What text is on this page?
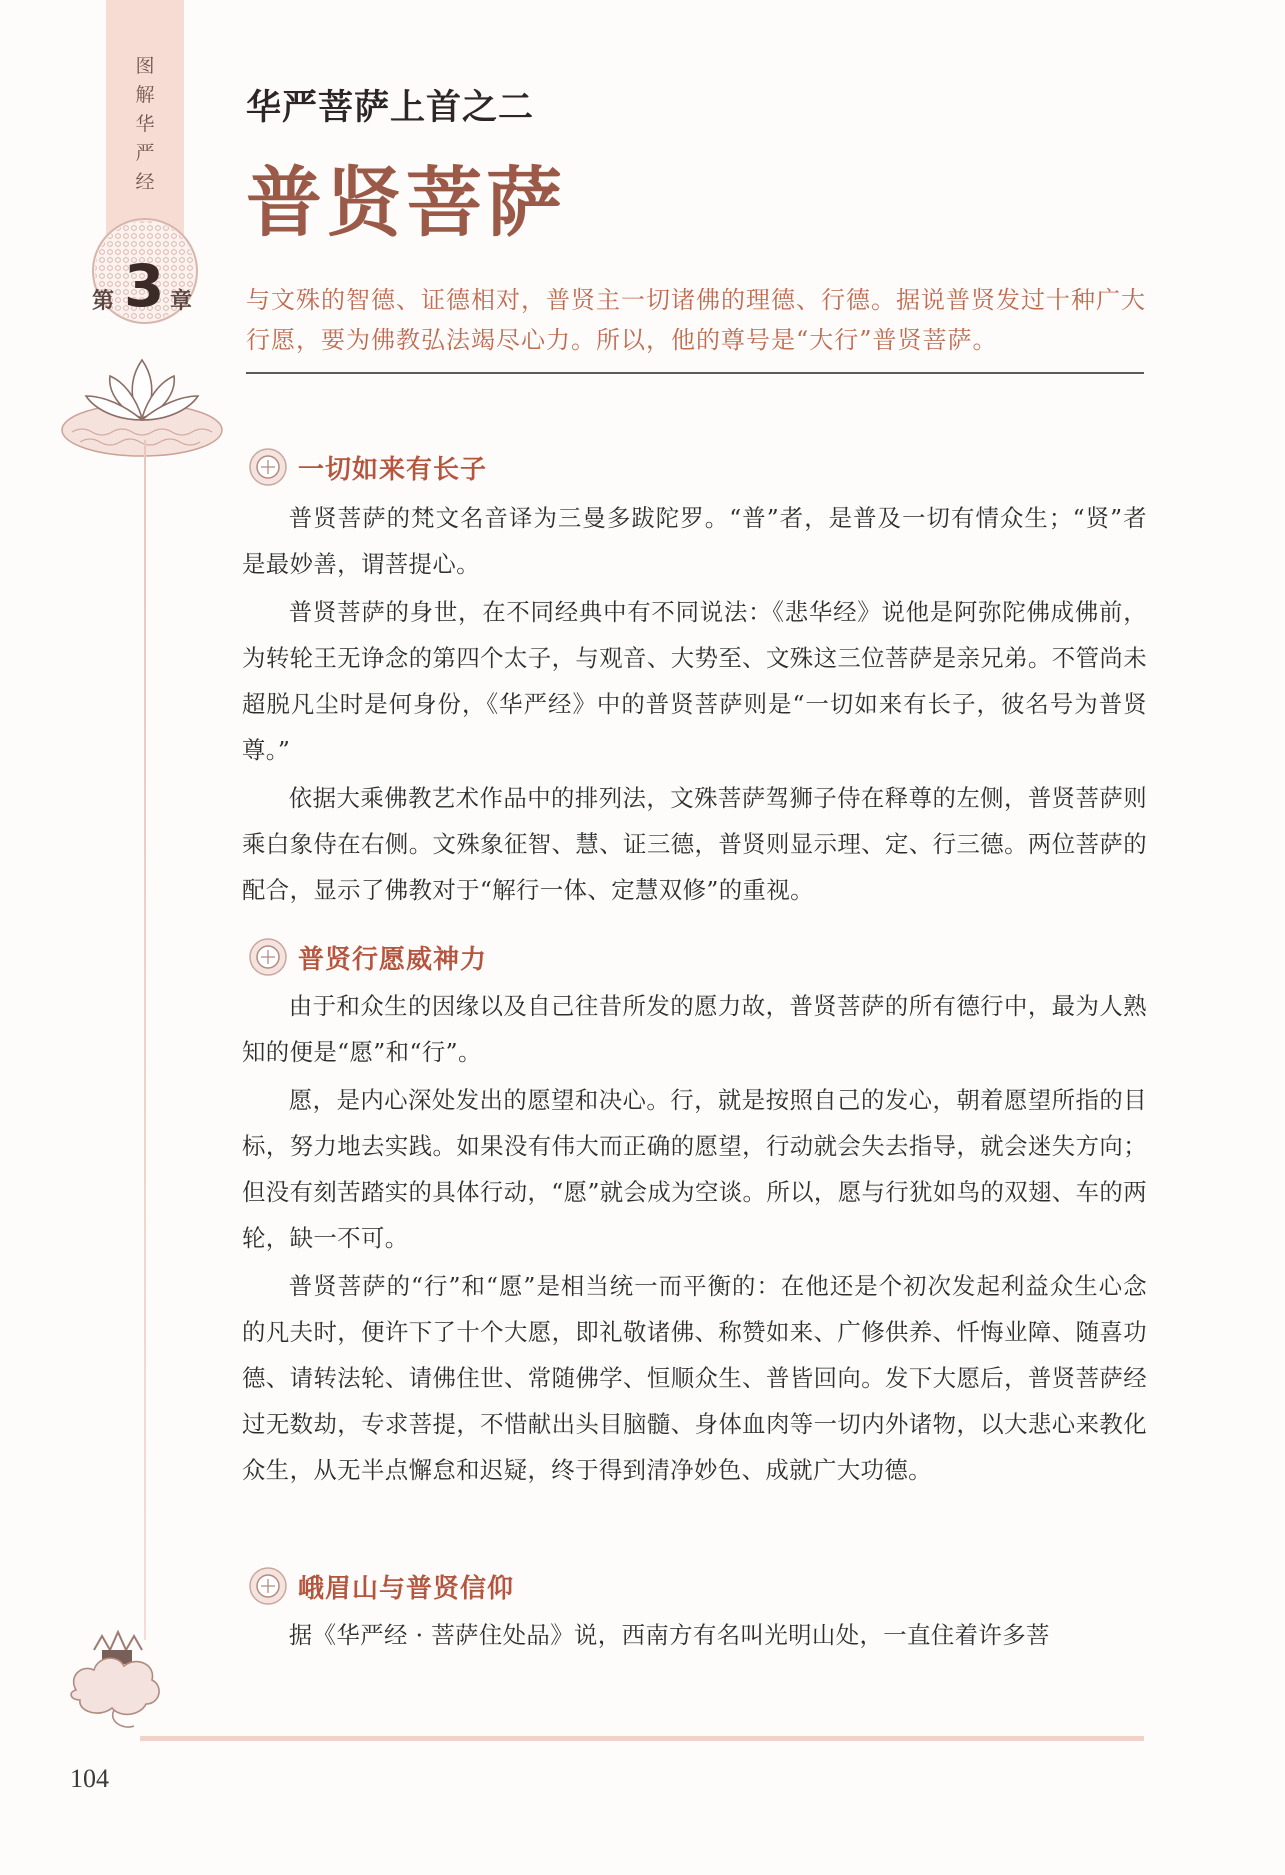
图
解
华
严
经
第 3 章
华严菩萨上首之二
普贤菩萨
与文殊的智德、证德相对，普贤主一切诸佛的理德、行德。据说普贤发过十种广大行愿，要为佛教弘法竭尽心力。所以，他的尊号是“大行”普贤菩萨。
一切如来有长子

普贤菩萨的梵文名音译为三曼多跋陀罗。“普”者，是普及一切有情众生；“贤”者是最妙善，谓菩提心。

普贤菩萨的身世，在不同经典中有不同说法：《悲华经》说他是阿弥陀佛成佛前，为转轮王无诤念的第四个太子，与观音、大势至、文殊这三位菩萨是亲兄弟。不管尚未超脱凡尘时是何身份，《华严经》中的普贤菩萨则是“一切如来有长子，彼名号为普贤尊。”

依据大乘佛教艺术作品中的排列法，文殊菩萨驾狮子侍在释尊的左侧，普贤菩萨则乘白象侍在右侧。文殊象征智、慧、证三德，普贤则显示理、定、行三德。两位菩萨的配合，显示了佛教对于“解行一体、定慧双修”的重视。

普贤行愿威神力

由于和众生的因缘以及自己往昔所发的愿力故，普贤菩萨的所有德行中，最为人熟知的便是“愿”和“行”。

愿，是内心深处发出的愿望和决心。行，就是按照自己的发心，朝着愿望所指的目标，努力地去实践。如果没有伟大而正确的愿望，行动就会失去指导，就会迷失方向；但没有刻苦踏实的具体行动，“愿”就会成为空谈。所以，愿与行犹如鸟的双翅、车的两轮，缺一不可。

普贤菩萨的“行”和“愿”是相当统一而平衡的：在他还是个初次发起利益众生心念的凡夫时，便许下了十个大愿，即礼敬诸佛、称赞如来、广修供养、忏悔业障、随喜功德、请转法轮、请佛住世、常随佛学、恒顺众生、普皆回向。发下大愿后，普贤菩萨经过无数劫，专求菩提，不惜献出头目脑髓、身体血肉等一切内外诸物，以大悲心来教化众生，从无半点懈怠和迟疑，终于得到清净妙色、成就广大功德。

峨眉山与普贤信仰

据《华严经 · 菩萨住处品》说，西南方有名叫光明山处，一直住着许多菩

104
